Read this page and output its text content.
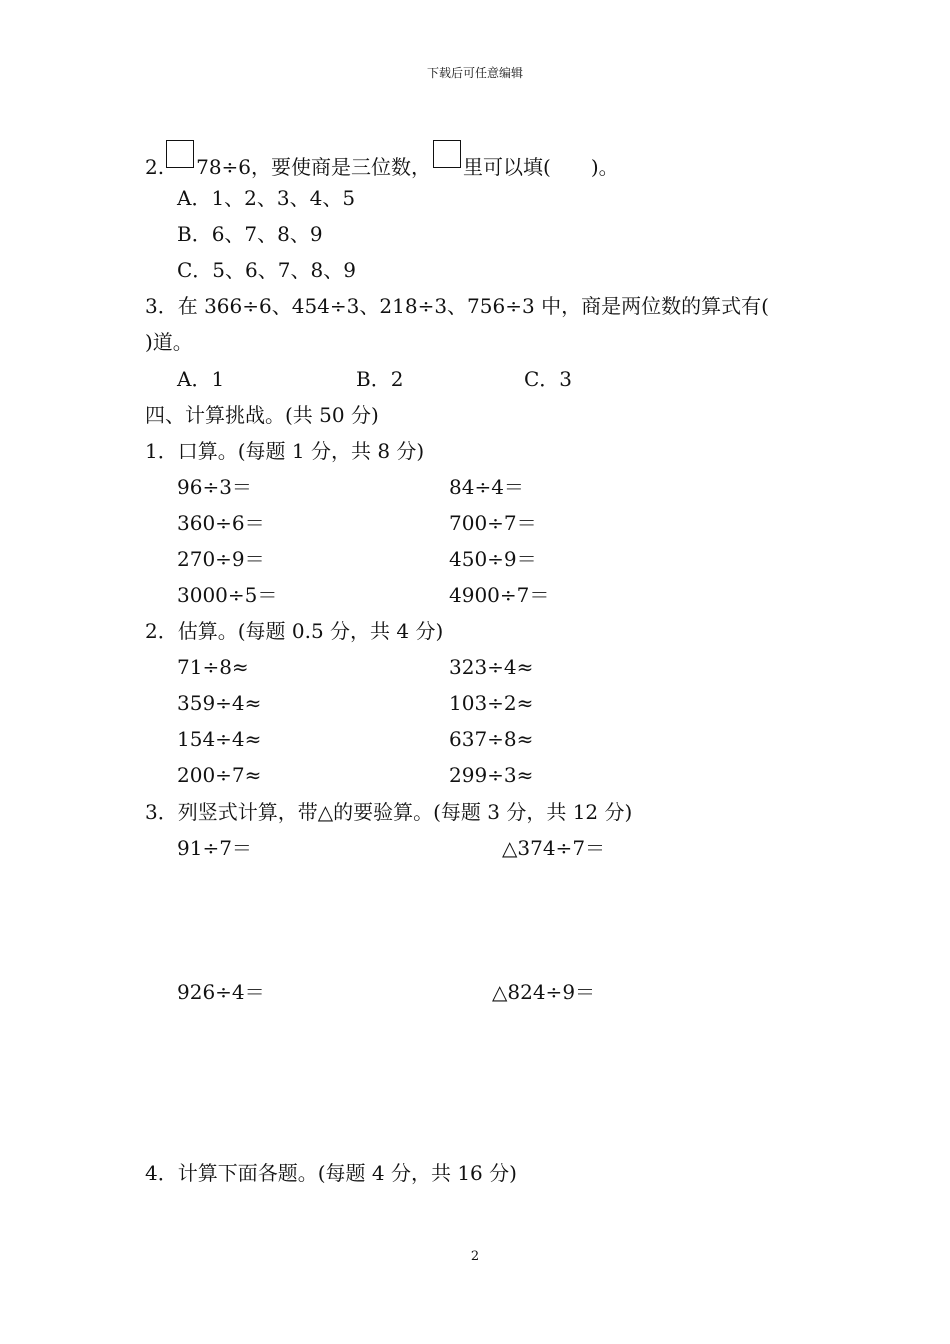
下载后可任意编辑
2. 78÷6，要使商是三位数， 里可以填(　　)。
A．1、2、3、4、5
B．6、7、8、9
C．5、6、7、8、9
3．在 366÷6、454÷3、218÷3、756÷3 中，商是两位数的算式有(
)道。
A．1	B．2	C．3
四、计算挑战。(共 50 分)
1．口算。(每题 1 分，共 8 分)
96÷3＝	84÷4＝
360÷6＝	700÷7＝
270÷9＝	450÷9＝
3000÷5＝	4900÷7＝
2．估算。(每题 0.5 分，共 4 分)
71÷8≈	323÷4≈
359÷4≈	103÷2≈
154÷4≈	637÷8≈
200÷7≈	299÷3≈
3．列竖式计算，带△的要验算。(每题 3 分，共 12 分)
91÷7＝	△374÷7＝
926÷4＝	△824÷9＝
4．计算下面各题。(每题 4 分，共 16 分)
2
